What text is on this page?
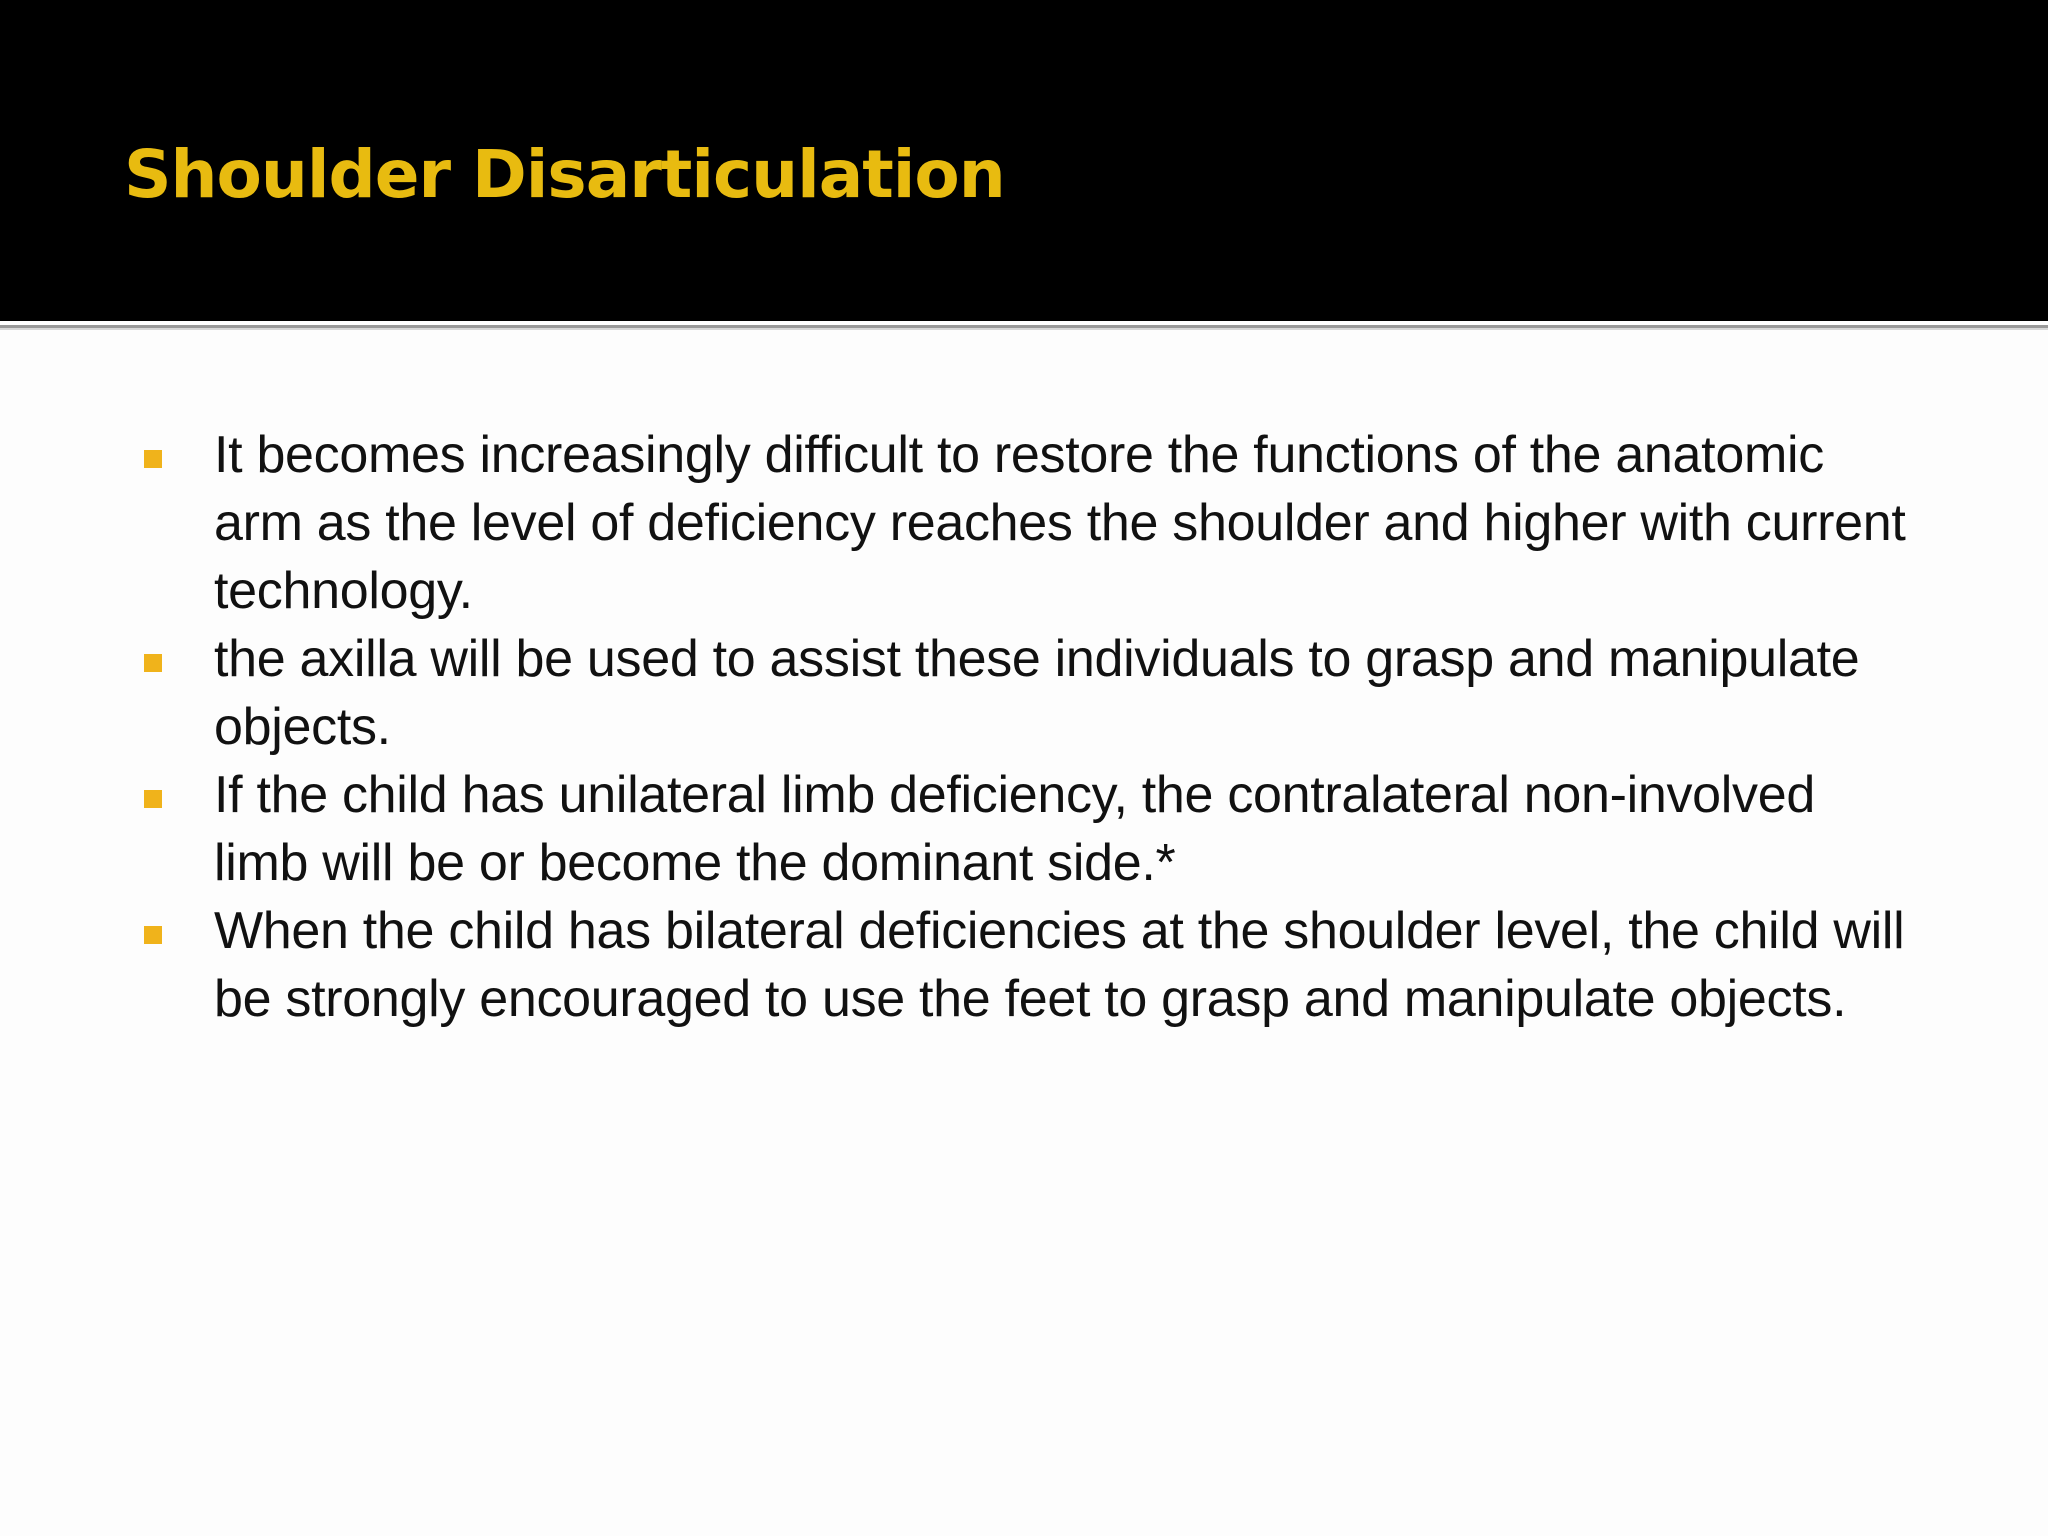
Shoulder Disarticulation
It becomes increasingly difficult to restore the functions of the anatomic arm as the level of deficiency reaches the shoulder and higher with current technology.
the axilla will be used to assist these individuals to grasp and manipulate objects.
If the child has unilateral limb deficiency, the contralateral non-involved limb will be or become the dominant side.*
When the child has bilateral deficiencies at the shoulder level, the child will be strongly encouraged to use the feet to grasp and manipulate objects.
